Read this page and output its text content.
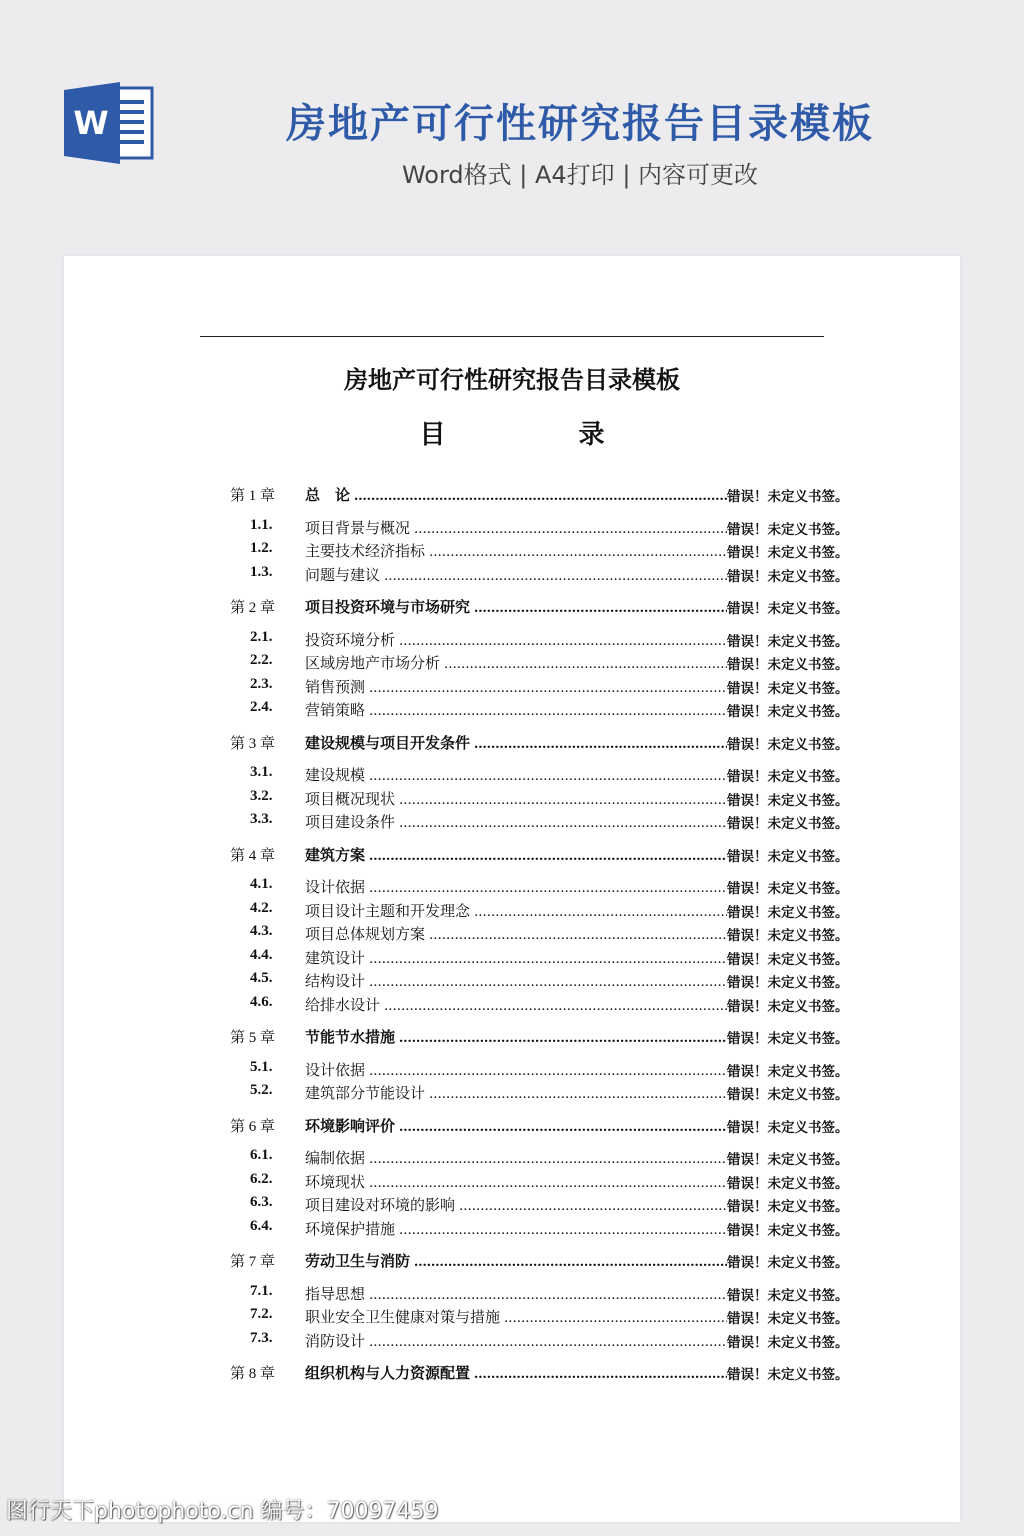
W	房地产可行性研究报告目录模板
Word格式 | A4打印 | 内容可更改
房地产可行性研究报告目录模板
目 录
第 1 章 总　论 .....	错误！未定义书签。
1.1. 项目背景与概况 .....	错误！未定义书签。
1.2. 主要技术经济指标 .....	错误！未定义书签。
1.3. 问题与建议 .....	错误！未定义书签。
第 2 章 项目投资环境与市场研究 .....	错误！未定义书签。
2.1. 投资环境分析 .....	错误！未定义书签。
2.2. 区域房地产市场分析 .....	错误！未定义书签。
2.3. 销售预测 .....	错误！未定义书签。
2.4. 营销策略 .....	错误！未定义书签。
第 3 章 建设规模与项目开发条件 .....	错误！未定义书签。
3.1. 建设规模 .....	错误！未定义书签。
3.2. 项目概况现状 .....	错误！未定义书签。
3.3. 项目建设条件 .....	错误！未定义书签。
第 4 章 建筑方案 .....	错误！未定义书签。
4.1. 设计依据 .....	错误！未定义书签。
4.2. 项目设计主题和开发理念 .....	错误！未定义书签。
4.3. 项目总体规划方案 .....	错误！未定义书签。
4.4. 建筑设计 .....	错误！未定义书签。
4.5. 结构设计 .....	错误！未定义书签。
4.6. 给排水设计 .....	错误！未定义书签。
第 5 章 节能节水措施 .....	错误！未定义书签。
5.1. 设计依据 .....	错误！未定义书签。
5.2. 建筑部分节能设计 .....	错误！未定义书签。
第 6 章 环境影响评价 .....	错误！未定义书签。
6.1. 编制依据 .....	错误！未定义书签。
6.2. 环境现状 .....	错误！未定义书签。
6.3. 项目建设对环境的影响 .....	错误！未定义书签。
6.4. 环境保护措施 .....	错误！未定义书签。
第 7 章 劳动卫生与消防 .....	错误！未定义书签。
7.1. 指导思想 .....	错误！未定义书签。
7.2. 职业安全卫生健康对策与措施 .....	错误！未定义书签。
7.3. 消防设计 .....	错误！未定义书签。
第 8 章 组织机构与人力资源配置 .....	错误！未定义书签。
图行天下photophoto.cn 编号：70097459
